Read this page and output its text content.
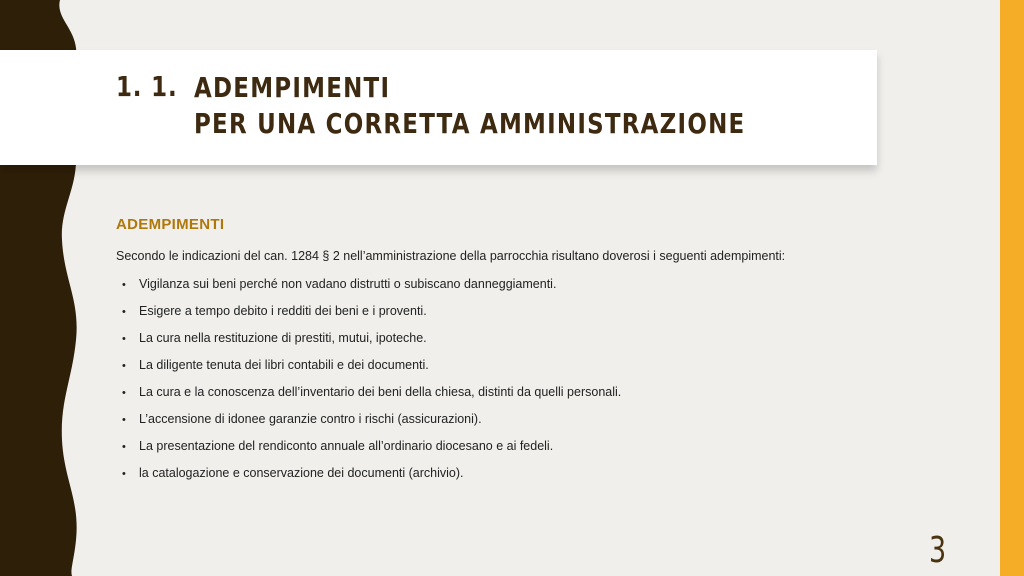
1. 1. ADEMPIMENTI
PER UNA CORRETTA AMMINISTRAZIONE
ADEMPIMENTI
Secondo le indicazioni del can. 1284 § 2 nell’amministrazione della parrocchia risultano doverosi i seguenti adempimenti:
• Vigilanza sui beni perché non vadano distrutti o subiscano danneggiamenti.
• Esigere a tempo debito i redditi dei beni e i proventi.
• La cura nella restituzione di prestiti, mutui, ipoteche.
• La diligente tenuta dei libri contabili e dei documenti.
• La cura e la conoscenza dell’inventario dei beni della chiesa, distinti da quelli personali.
• L’accensione di idonee garanzie contro i rischi (assicurazioni).
• La presentazione del rendiconto annuale all’ordinario diocesano e ai fedeli.
• la catalogazione e conservazione dei documenti (archivio).
3
